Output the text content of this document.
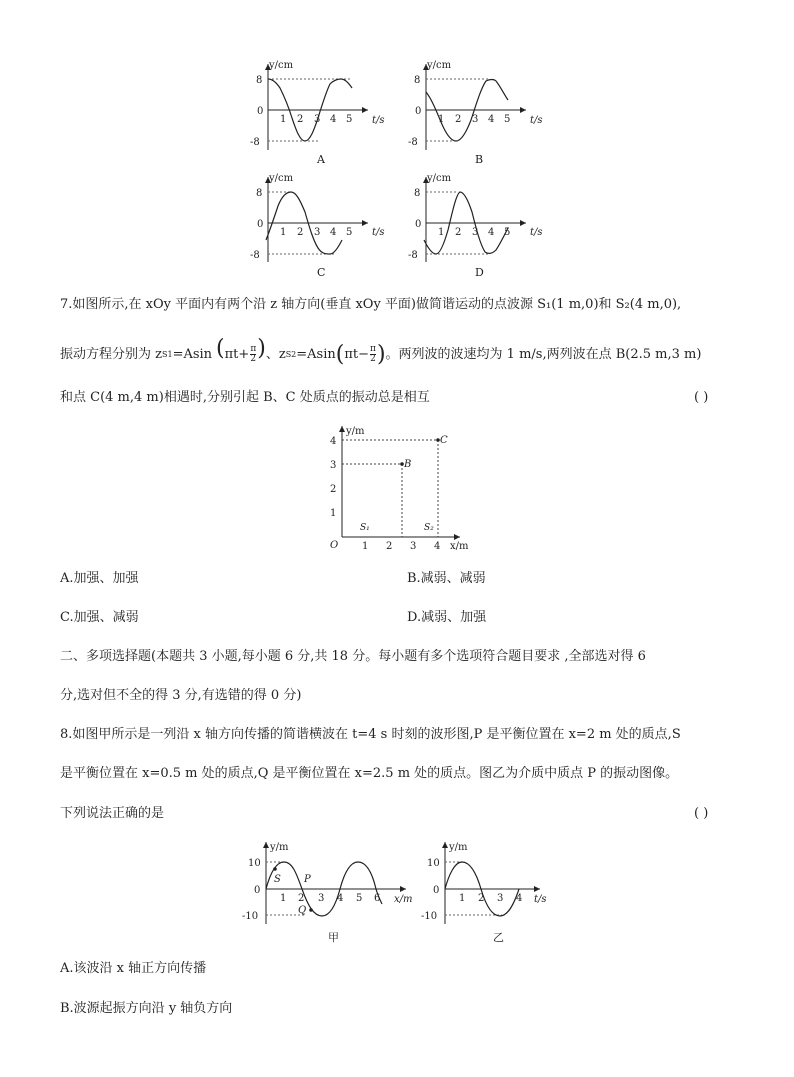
y/cm
t/s
8
0
-8
1 2 3 4 5
A
y/cm
t/s
8
0
-8
1 2 3 4 5
B
y/cm
t/s
8
0
-8
1 2 3 4 5
C
y/cm
t/s
8
0
-8
1 2 3 4 5
D
7.如图所示,在 xOy 平面内有两个沿 z 轴方向(垂直 xOy 平面)做简谐运动的点波源 S₁(1 m,0)和 S₂(4 m,0),
振动方程分别为 z S1 =Asin ( $\pi t+ \frac{\pi}{2}$ ) 、z S2 =Asin ( $\pi t- \frac{\pi}{2}$ ) 。两列波的波速均为 1 m/s,两列波在点 B(2.5 m,3 m)
和点 C(4 m,4 m)相遇时,分别引起 B、C 处质点的振动总是相互	( )
y/m
x/m
O
1
2
3
4
1 2 3 4
B
C
S₁	S₂
A.加强、加强	B.减弱、减弱
C.加强、减弱	D.减弱、加强
二、多项选择题(本题共 3 小题,每小题 6 分,共 18 分。每小题有多个选项符合题目要求 ,全部选对得 6
分,选对但不全的得 3 分,有选错的得 0 分)
8.如图甲所示是一列沿 x 轴方向传播的简谐横波在 t=4 s 时刻的波形图,P 是平衡位置在 x=2 m 处的质点,S
是平衡位置在 x=0.5 m 处的质点,Q 是平衡位置在 x=2.5 m 处的质点。图乙为介质中质点 P 的振动图像。
下列说法正确的是	( )
y/m
x/m
10
0
-10
1 2 3 4 5 6
S P
Q
甲
y/m
t/s
10
0
-10
1 2 3 4
乙
A.该波沿 x 轴正方向传播
B.波源起振方向沿 y 轴负方向
